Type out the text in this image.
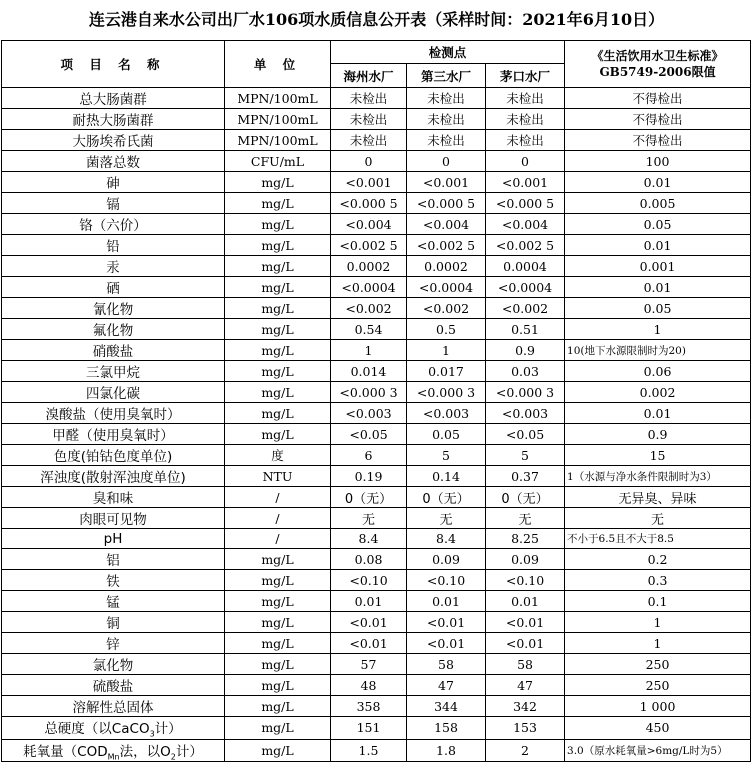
连云港自来水公司出厂水106项水质信息公开表（采样时间：2021年6月10日）
项 目 名 称	单 位	检测点			《生活饮用水卫生标准》
GB5749-2006限值
		海州水厂	第三水厂	茅口水厂	
总大肠菌群	MPN/100mL	未检出	未检出	未检出	不得检出
耐热大肠菌群	MPN/100mL	未检出	未检出	未检出	不得检出
大肠埃希氏菌	MPN/100mL	未检出	未检出	未检出	不得检出
菌落总数	CFU/mL	0	0	0	100
砷	mg/L	<0.001	<0.001	<0.001	0.01
镉	mg/L	<0.000 5	<0.000 5	<0.000 5	0.005
铬（六价）	mg/L	<0.004	<0.004	<0.004	0.05
铅	mg/L	<0.002 5	<0.002 5	<0.002 5	0.01
汞	mg/L	0.0002	0.0002	0.0004	0.001
硒	mg/L	<0.0004	<0.0004	<0.0004	0.01
氰化物	mg/L	<0.002	<0.002	<0.002	0.05
氟化物	mg/L	0.54	0.5	0.51	1
硝酸盐	mg/L	1	1	0.9	10(地下水源限制时为20)
三氯甲烷	mg/L	0.014	0.017	0.03	0.06
四氯化碳	mg/L	<0.000 3	<0.000 3	<0.000 3	0.002
溴酸盐（使用臭氧时）	mg/L	<0.003	<0.003	<0.003	0.01
甲醛（使用臭氧时）	mg/L	<0.05	0.05	<0.05	0.9
色度(铂钴色度单位)	度	6	5	5	15
浑浊度(散射浑浊度单位)	NTU	0.19	0.14	0.37	1（水源与净水条件限制时为3）
臭和味	/	0（无）	0（无）	0（无）	无异臭、异味
肉眼可见物	/	无	无	无	无
pH	/	8.4	8.4	8.25	不小于6.5且不大于8.5
铝	mg/L	0.08	0.09	0.09	0.2
铁	mg/L	<0.10	<0.10	<0.10	0.3
锰	mg/L	0.01	0.01	0.01	0.1
铜	mg/L	<0.01	<0.01	<0.01	1
锌	mg/L	<0.01	<0.01	<0.01	1
氯化物	mg/L	57	58	58	250
硫酸盐	mg/L	48	47	47	250
溶解性总固体	mg/L	358	344	342	1 000
总硬度（以CaCO$_3$计）	mg/L	151	158	153	450
耗氧量（$COD_{Mn}$法，以$O_2$计）	mg/L	1.5	1.8	2	3.0（原水耗氧量>6mg/L时为5）
